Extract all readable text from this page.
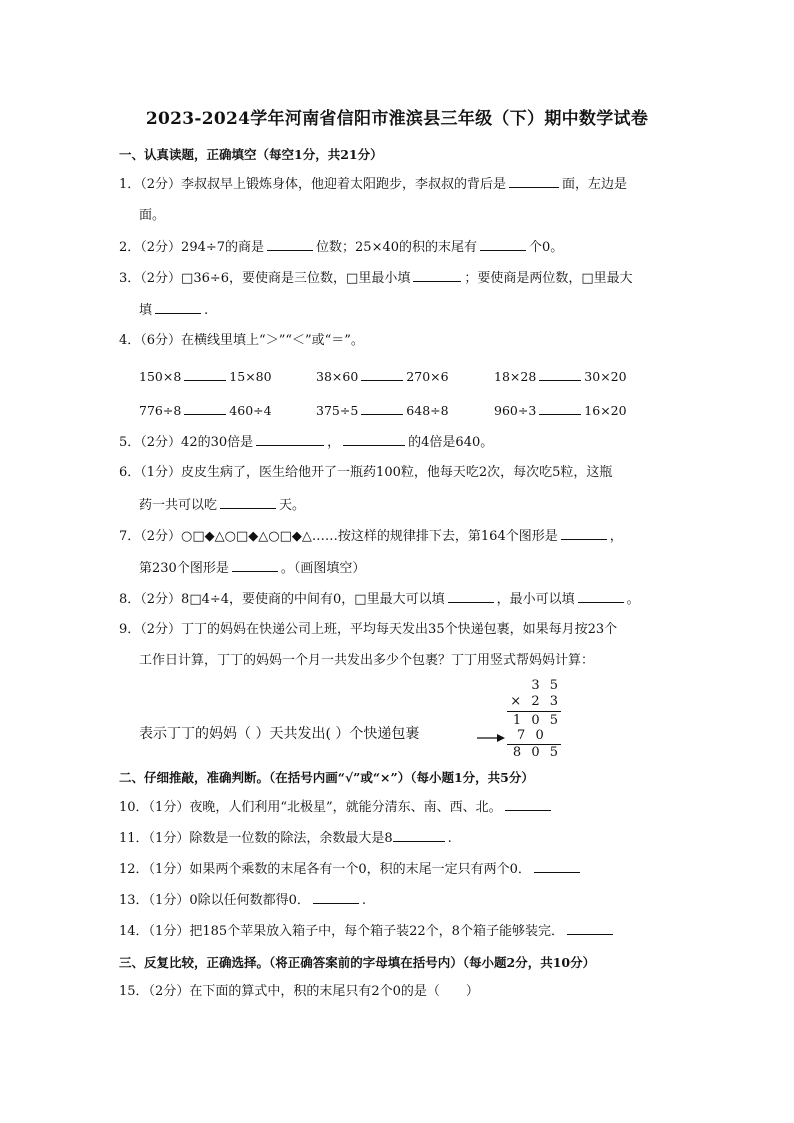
2023-2024学年河南省信阳市淮滨县三年级（下）期中数学试卷
一、认真读题，正确填空（每空1分，共21分）
1．（2分）李叔叔早上锻炼身体，他迎着太阳跑步，李叔叔的背后是	面，左边是
面。
2．（2分）294÷7的商是	位数；25×40的积的末尾有	个0。
3．（2分）□36÷6，要使商是三位数，□里最小填	；要使商是两位数，□里最大
填	.
4．（6分）在横线里填上“＞”“＜”或“＝”。
150×8	15×80	38×60	270×6	18×28	30×20
776÷8	460÷4	375÷5	648÷8	960÷3	16×20
5．（2分）42的30倍是	，	的4倍是640。
6．（1分）皮皮生病了，医生给他开了一瓶药100粒，他每天吃2次，每次吃5粒，这瓶
药一共可以吃	天。
7．（2分）○□◆△○□◆△○□◆△……按这样的规律排下去，第164个图形是	，
第230个图形是	。（画图填空）
8．（2分）8□4÷4，要使商的中间有0，□里最大可以填	，最小可以填	。
9．（2分）丁丁的妈妈在快递公司上班，平均每天发出35个快递包裹，如果每月按23个
工作日计算，丁丁的妈妈一个月一共发出多少个包裹？丁丁用竖式帮妈妈计算：
表示丁丁的妈妈（ ）天共发出( ）个快递包裹
3 5
× 2 3
1 0 5
7 0
8 0 5
二、仔细推敲，准确判断。（在括号内画“√”或“×”）（每小题1分，共5分）
10．（1分）夜晚，人们利用“北极星”，就能分清东、南、西、北。
11．（1分）除数是一位数的除法，余数最大是8	.
12．（1分）如果两个乘数的末尾各有一个0，积的末尾一定只有两个0．
13．（1分）0除以任何数都得0．	.
14．（1分）把185个苹果放入箱子中，每个箱子装22个，8个箱子能够装完．
三、反复比较，正确选择。（将正确答案前的字母填在括号内）（每小题2分，共10分）
15．（2分）在下面的算式中，积的末尾只有2个0的是（　　）
